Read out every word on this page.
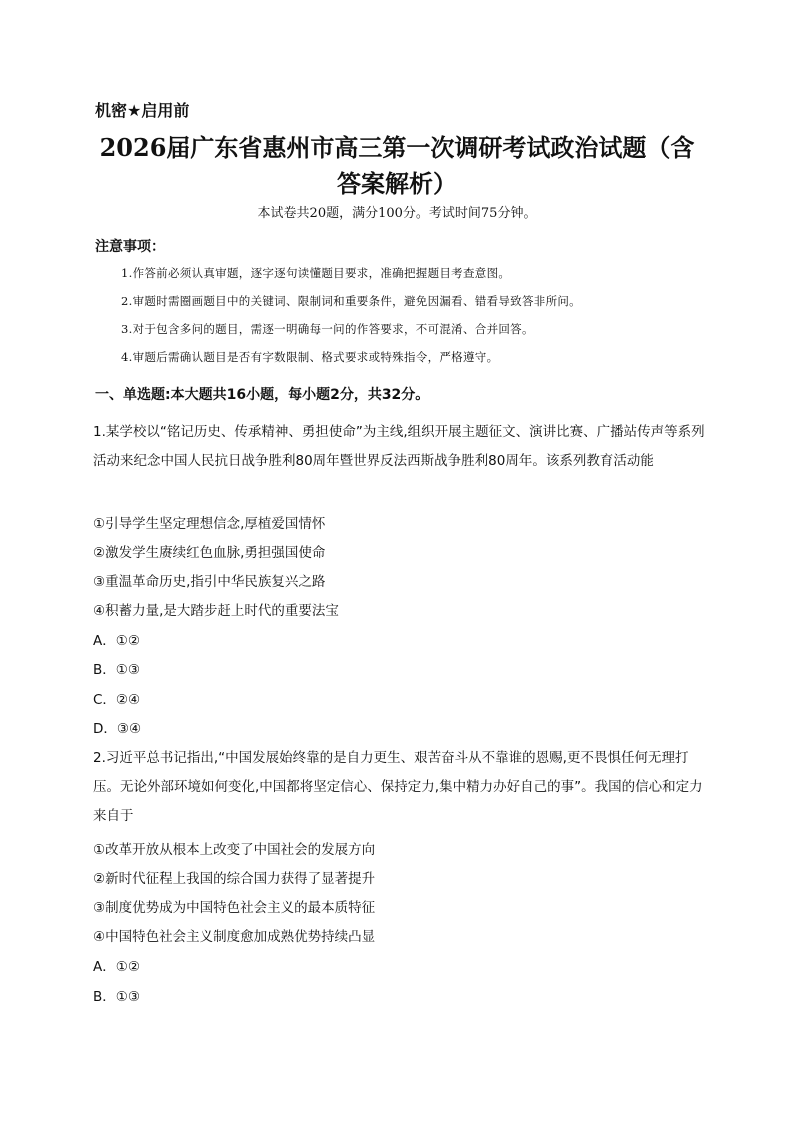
机密★启用前
2026届广东省惠州市高三第一次调研考试政治试题（含答案解析）
本试卷共20题，满分100分。考试时间75分钟。
注意事项：
1.作答前必须认真审题，逐字逐句读懂题目要求，准确把握题目考查意图。
2.审题时需圈画题目中的关键词、限制词和重要条件，避免因漏看、错看导致答非所问。
3.对于包含多问的题目，需逐一明确每一问的作答要求，不可混淆、合并回答。
4.审题后需确认题目是否有字数限制、格式要求或特殊指令，严格遵守。
一、单选题:本大题共16小题，每小题2分，共32分。
1.某学校以“铭记历史、传承精神、勇担使命”为主线,组织开展主题征文、演讲比赛、广播站传声等系列活动来纪念中国人民抗日战争胜利80周年暨世界反法西斯战争胜利80周年。该系列教育活动能
①引导学生坚定理想信念,厚植爱国情怀
②激发学生赓续红色血脉,勇担强国使命
③重温革命历史,指引中华民族复兴之路
④积蓄力量,是大踏步赶上时代的重要法宝
A．①②
B．①③
C．②④
D．③④
2.习近平总书记指出,“中国发展始终靠的是自力更生、艰苦奋斗从不靠谁的恩赐,更不畏惧任何无理打压。无论外部环境如何变化,中国都将坚定信心、保持定力,集中精力办好自己的事”。我国的信心和定力来自于
①改革开放从根本上改变了中国社会的发展方向
②新时代征程上我国的综合国力获得了显著提升
③制度优势成为中国特色社会主义的最本质特征
④中国特色社会主义制度愈加成熟优势持续凸显
A．①②
B．①③
